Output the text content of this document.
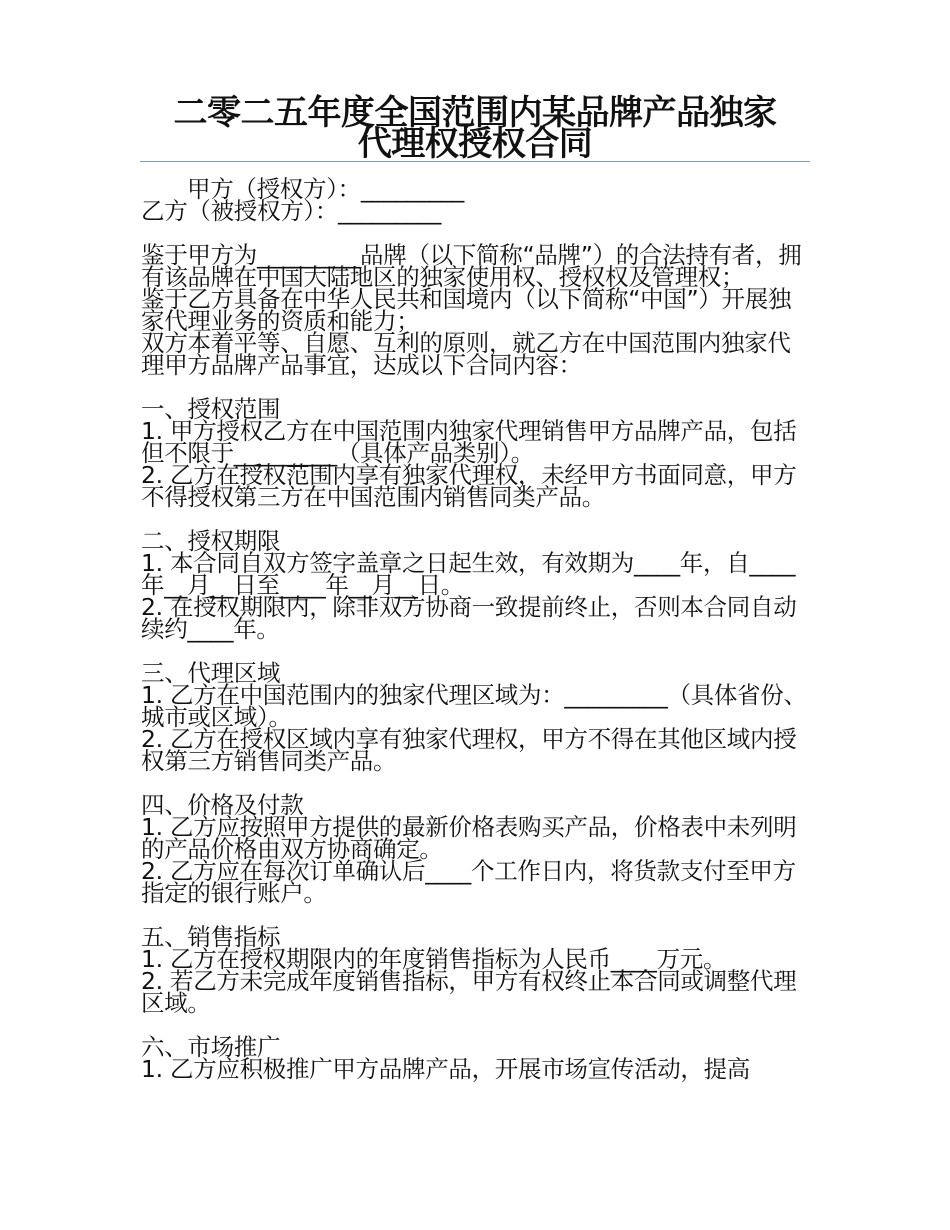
二零二五年度全国范围内某品牌产品独家
代理权授权合同

甲方（授权方）：_________

乙方（被授权方）：_________

鉴于甲方为_________品牌（以下简称“品牌”）的合法持有者，拥有该品牌在中国大陆地区的独家使用权、授权权及管理权；

鉴于乙方具备在中华人民共和国境内（以下简称“中国”）开展独家代理业务的资质和能力；

双方本着平等、自愿、互利的原则，就乙方在中国范围内独家代理甲方品牌产品事宜，达成以下合同内容：

一、授权范围

1. 甲方授权乙方在中国范围内独家代理销售甲方品牌产品，包括但不限于_________（具体产品类别）。

2. 乙方在授权范围内享有独家代理权，未经甲方书面同意，甲方不得授权第三方在中国范围内销售同类产品。

二、授权期限

1. 本合同自双方签字盖章之日起生效，有效期为____年，自____年__月__日至____年__月__日。

2. 在授权期限内，除非双方协商一致提前终止，否则本合同自动续约____年。

三、代理区域

1. 乙方在中国范围内的独家代理区域为：_________（具体省份、城市或区域）。

2. 乙方在授权区域内享有独家代理权，甲方不得在其他区域内授权第三方销售同类产品。

四、价格及付款

1. 乙方应按照甲方提供的最新价格表购买产品，价格表中未列明的产品价格由双方协商确定。

2. 乙方应在每次订单确认后____个工作日内，将货款支付至甲方指定的银行账户。

五、销售指标

1. 乙方在授权期限内的年度销售指标为人民币____万元。

2. 若乙方未完成年度销售指标，甲方有权终止本合同或调整代理区域。

六、市场推广

1. 乙方应积极推广甲方品牌产品，开展市场宣传活动，提高
